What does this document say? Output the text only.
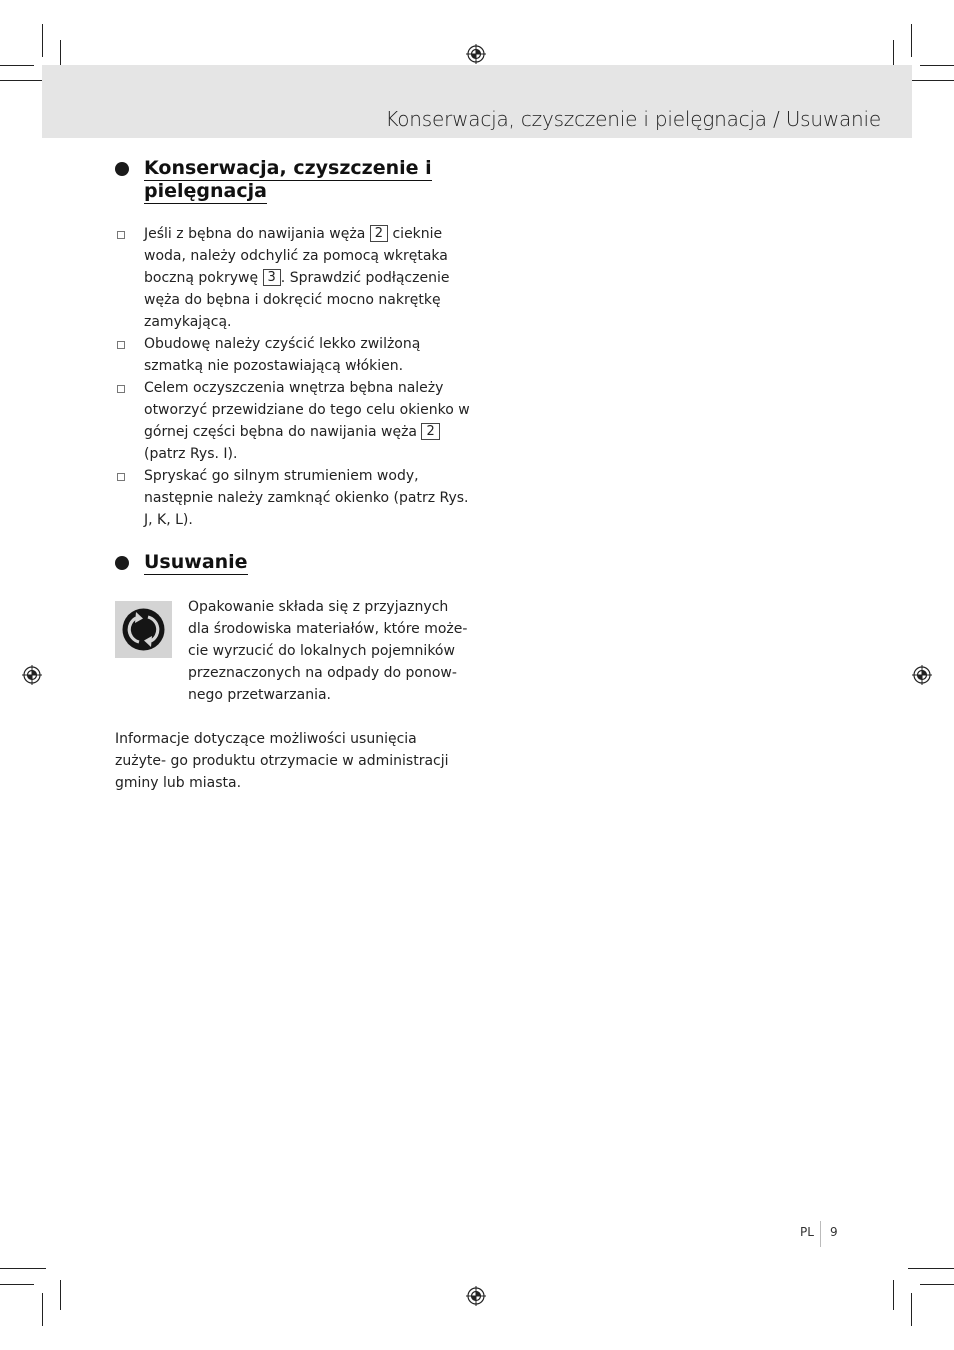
Konserwacja, czyszczenie i pielęgnacja / Usuwanie
Konserwacja, czyszczenie i
pielęgnacja
Jeśli z bębna do nawijania węża 2 cieknie woda, należy odchylić za pomocą wkrętaka boczną pokrywę 3 . Sprawdzić podłączenie węża do bębna i dokręcić mocno nakrętkę zamykającą.
Obudowę należy czyścić lekko zwilżoną szmatką nie pozostawiającą włókien.
Celem oczyszczenia wnętrza bębna należy otworzyć przewidziane do tego celu okienko w górnej części bębna do nawijania węża 2 (patrz Rys. I).
Spryskać go silnym strumieniem wody, następnie należy zamknąć okienko (patrz Rys. J, K, L).
Usuwanie
Opakowanie składa się z przyjaznych dla środowiska materiałów, które może- cie wyrzucić do lokalnych pojemników przeznaczonych na odpady do ponow- nego przetwarzania.
Informacje dotyczące możliwości usunięcia zużyte- go produktu otrzymacie w administracji gminy lub miasta.
PL 9
